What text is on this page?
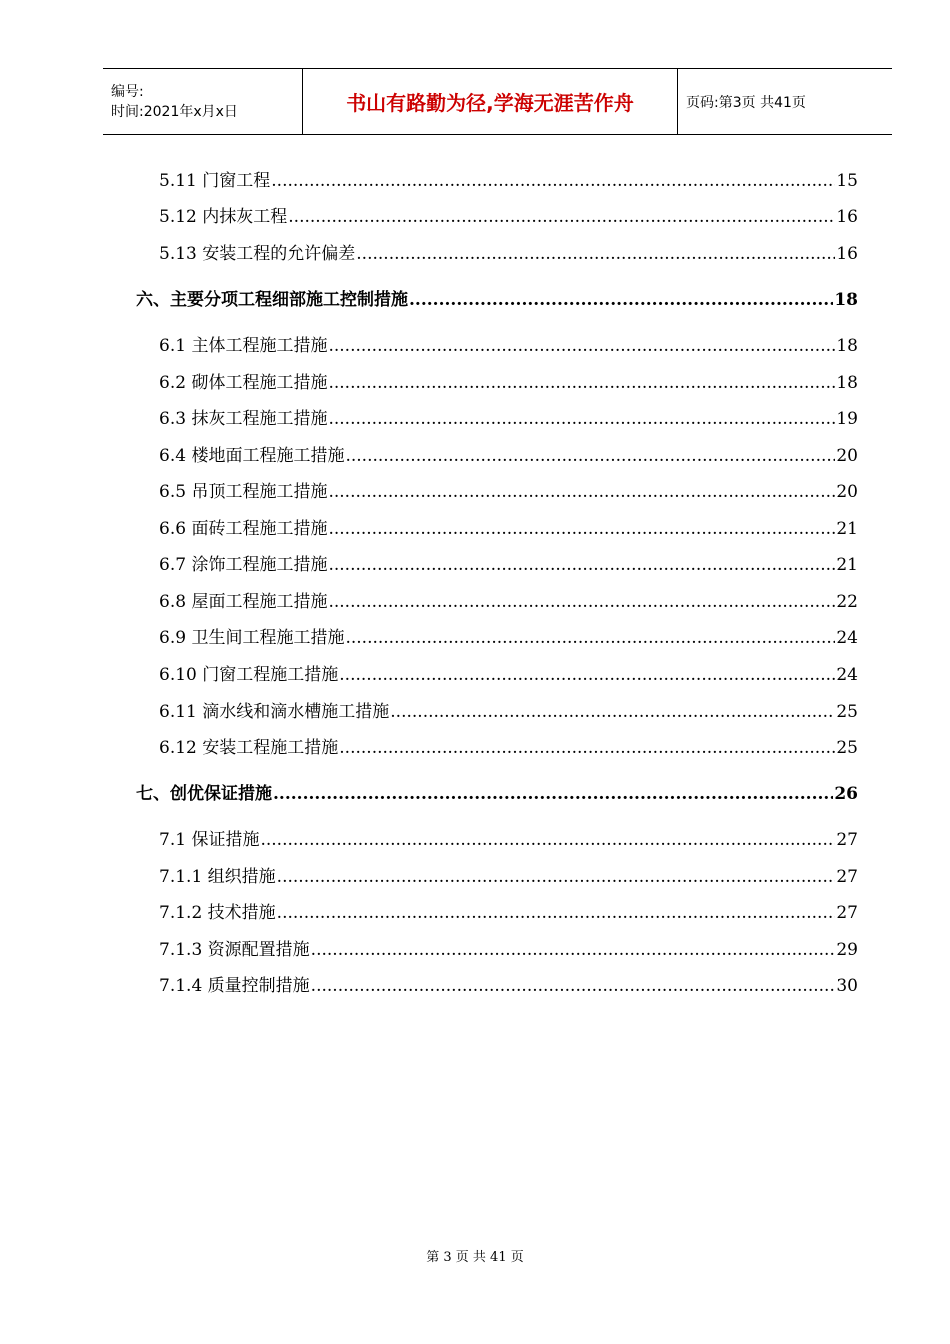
编号:
时间:2021年x月x日	书山有路勤为径,学海无涯苦作舟	页码:第3页 共41页
5.11 门窗工程 .....	15
5.12 内抹灰工程 .....	16
5.13 安装工程的允许偏差 .....	16
六、主要分项工程细部施工控制措施 .....	18
6.1 主体工程施工措施 .....	18
6.2 砌体工程施工措施 .....	18
6.3 抹灰工程施工措施 .....	19
6.4 楼地面工程施工措施 .....	20
6.5 吊顶工程施工措施 .....	20
6.6 面砖工程施工措施 .....	21
6.7 涂饰工程施工措施 .....	21
6.8 屋面工程施工措施 .....	22
6.9 卫生间工程施工措施 .....	24
6.10 门窗工程施工措施 .....	24
6.11 滴水线和滴水槽施工措施 .....	25
6.12 安装工程施工措施 .....	25
七、创优保证措施 .....	26
7.1 保证措施 .....	27
7.1.1 组织措施 .....	27
7.1.2 技术措施 .....	27
7.1.3 资源配置措施 .....	29
7.1.4 质量控制措施 .....	30
第 3 页 共 41 页
